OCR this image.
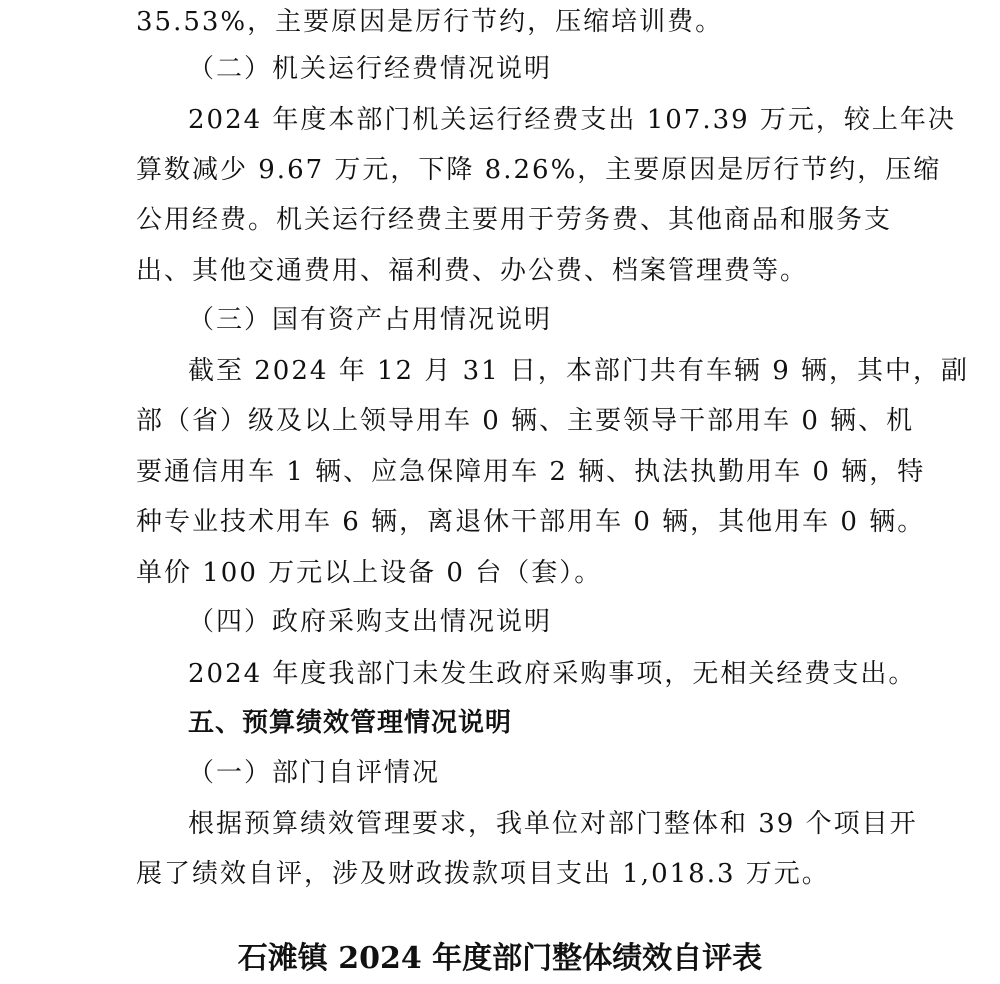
35.53%，主要原因是厉行节约，压缩培训费。
（二）机关运行经费情况说明
2024 年度本部门机关运行经费支出 107.39 万元，较上年决
算数减少 9.67 万元，下降 8.26%，主要原因是厉行节约，压缩
公用经费。机关运行经费主要用于劳务费、其他商品和服务支
出、其他交通费用、福利费、办公费、档案管理费等。
（三）国有资产占用情况说明
截至 2024 年 12 月 31 日，本部门共有车辆 9 辆，其中，副
部（省）级及以上领导用车 0 辆、主要领导干部用车 0 辆、机
要通信用车 1 辆、应急保障用车 2 辆、执法执勤用车 0 辆，特
种专业技术用车 6 辆，离退休干部用车 0 辆，其他用车 0 辆。
单价 100 万元以上设备 0 台（套）。
（四）政府采购支出情况说明
2024 年度我部门未发生政府采购事项，无相关经费支出。
五、预算绩效管理情况说明
（一）部门自评情况
根据预算绩效管理要求，我单位对部门整体和 39 个项目开
展了绩效自评，涉及财政拨款项目支出 1,018.3 万元。
石滩镇 2024 年度部门整体绩效自评表
